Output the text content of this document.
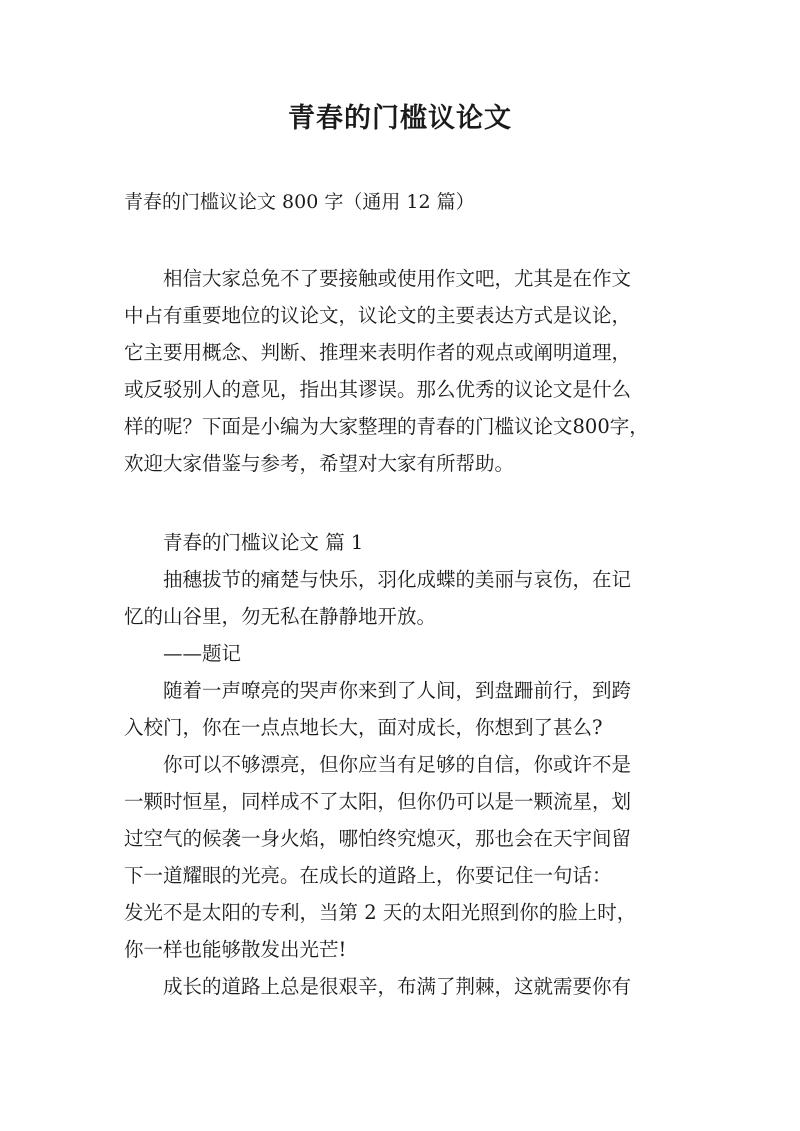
青春的门槛议论文
青春的门槛议论文 800 字（通用 12 篇）
相信大家总免不了要接触或使用作文吧，尤其是在作文
中占有重要地位的议论文，议论文的主要表达方式是议论，
它主要用概念、判断、推理来表明作者的观点或阐明道理，
或反驳别人的意见，指出其谬误。那么优秀的议论文是什么
样的呢？下面是小编为大家整理的青春的门槛议论文800字，
欢迎大家借鉴与参考，希望对大家有所帮助。
青春的门槛议论文 篇 1
抽穗拔节的痛楚与快乐，羽化成蝶的美丽与哀伤，在记
忆的山谷里，勿无私在静静地开放。
——题记
随着一声嘹亮的哭声你来到了人间，到盘跚前行，到跨
入校门，你在一点点地长大，面对成长，你想到了甚么?
你可以不够漂亮，但你应当有足够的自信，你或许不是
一颗时恒星，同样成不了太阳，但你仍可以是一颗流星，划
过空气的候袭一身火焰，哪怕终究熄灭，那也会在天宇间留
下一道耀眼的光亮。在成长的道路上，你要记住一句话：
发光不是太阳的专利，当第 2 天的太阳光照到你的脸上时，
你一样也能够散发出光芒!
成长的道路上总是很艰辛，布满了荆棘，这就需要你有
